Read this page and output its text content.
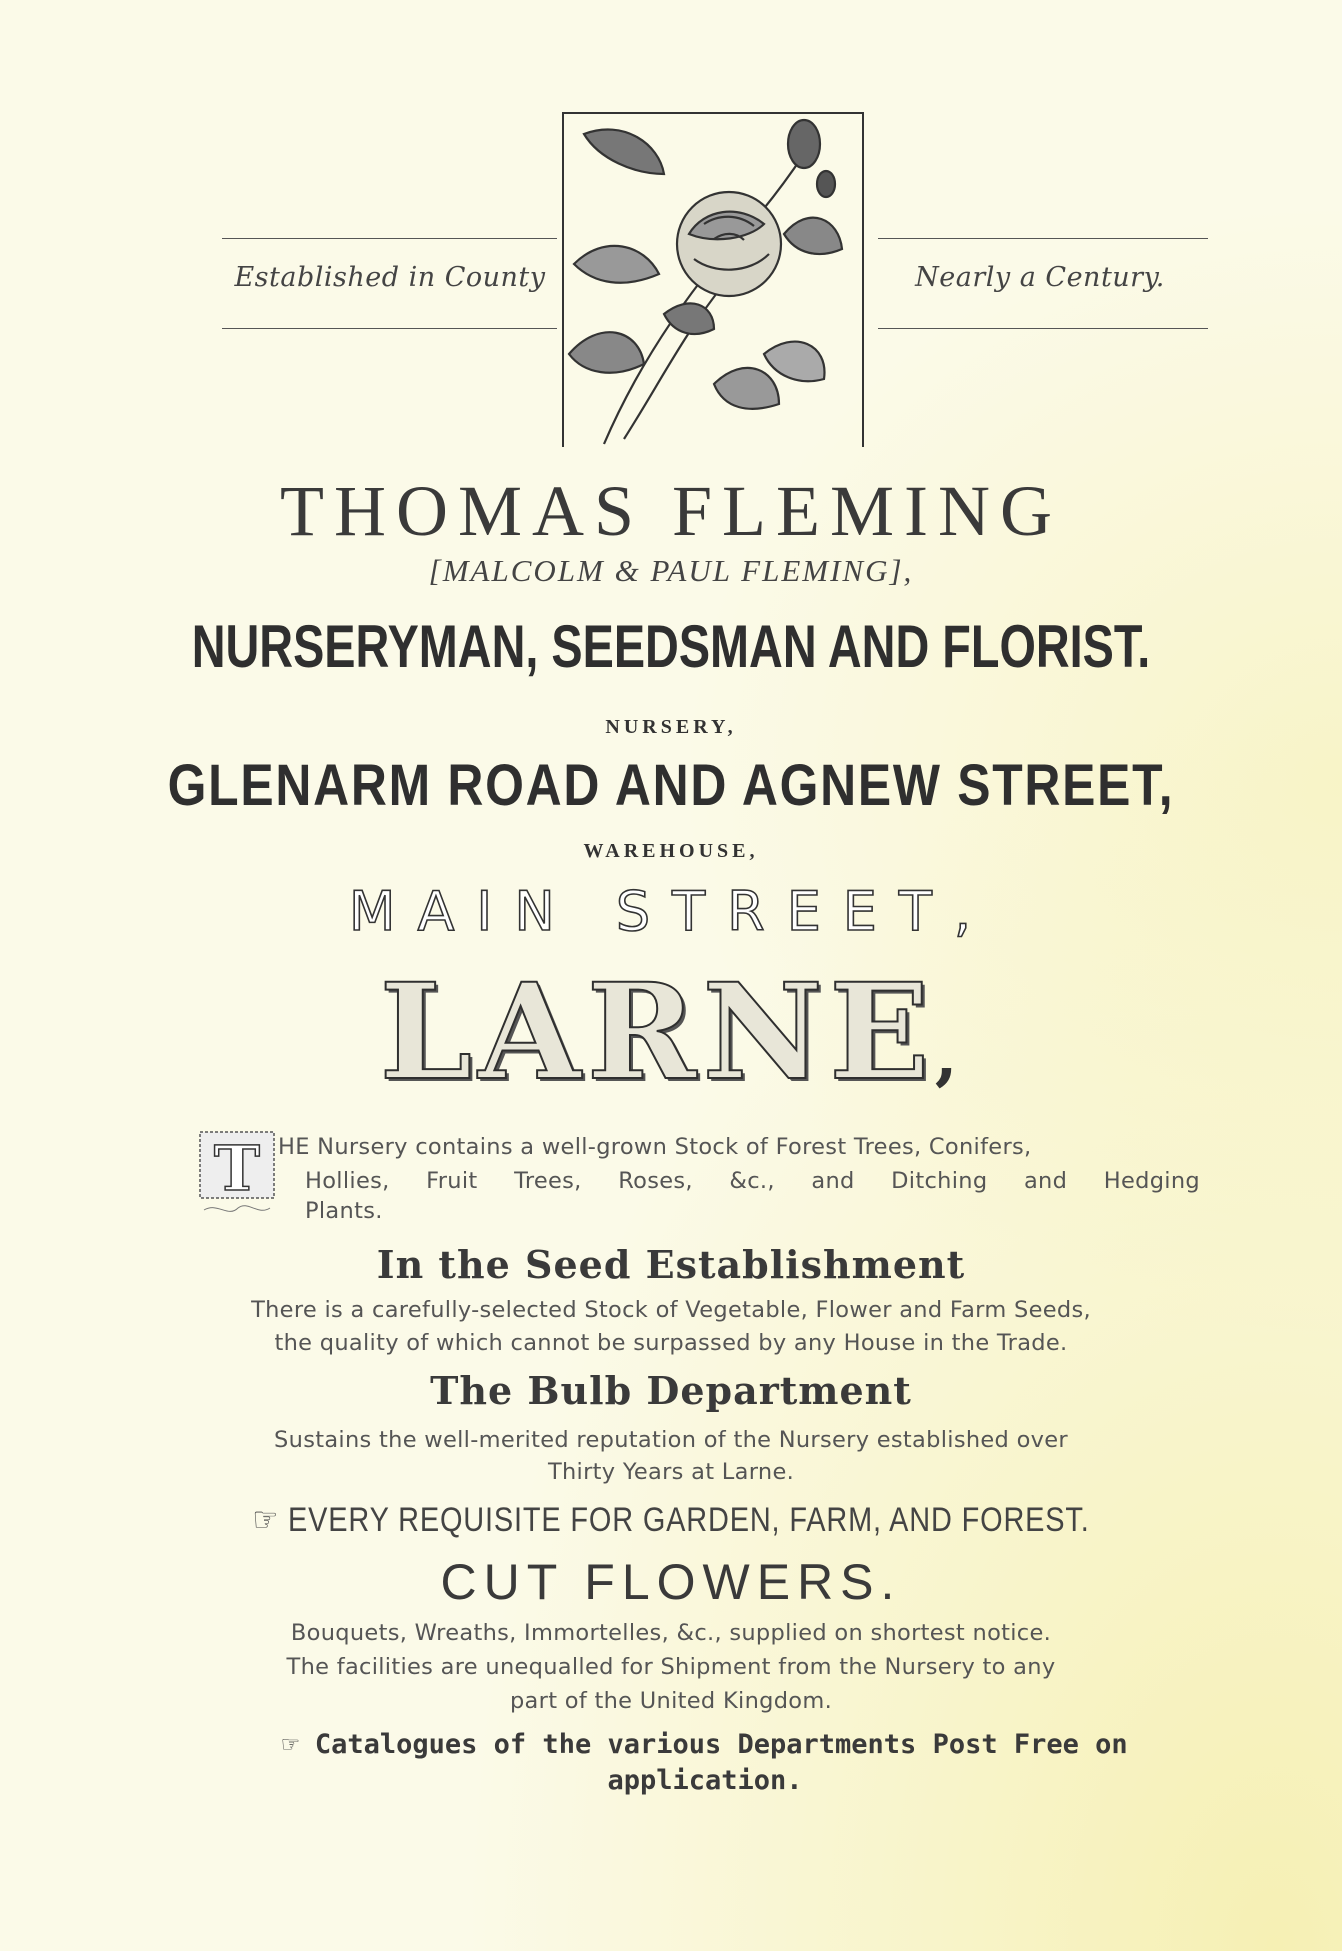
Established in County	Nearly a Century.
THOMAS FLEMING
[MALCOLM & PAUL FLEMING],
NURSERYMAN, SEEDSMAN AND FLORIST.
NURSERY,
GLENARM ROAD AND AGNEW STREET,
WAREHOUSE,
MAIN STREET,
LARNE,
T HE Nursery contains a well-grown Stock of Forest Trees, Conifers,
Hollies, Fruit Trees, Roses, &c., and Ditching and Hedging
Plants.
In the Seed Establishment
There is a carefully-selected Stock of Vegetable, Flower and Farm Seeds,
the quality of which cannot be surpassed by any House in the Trade.
The Bulb Department
Sustains the well-merited reputation of the Nursery established over
Thirty Years at Larne.
☞ EVERY REQUISITE FOR GARDEN, FARM, AND FOREST.
CUT FLOWERS.
Bouquets, Wreaths, Immortelles, &c., supplied on shortest notice.
The facilities are unequalled for Shipment from the Nursery to any
part of the United Kingdom.
☞ Catalogues of the various Departments Post Free on
application.
